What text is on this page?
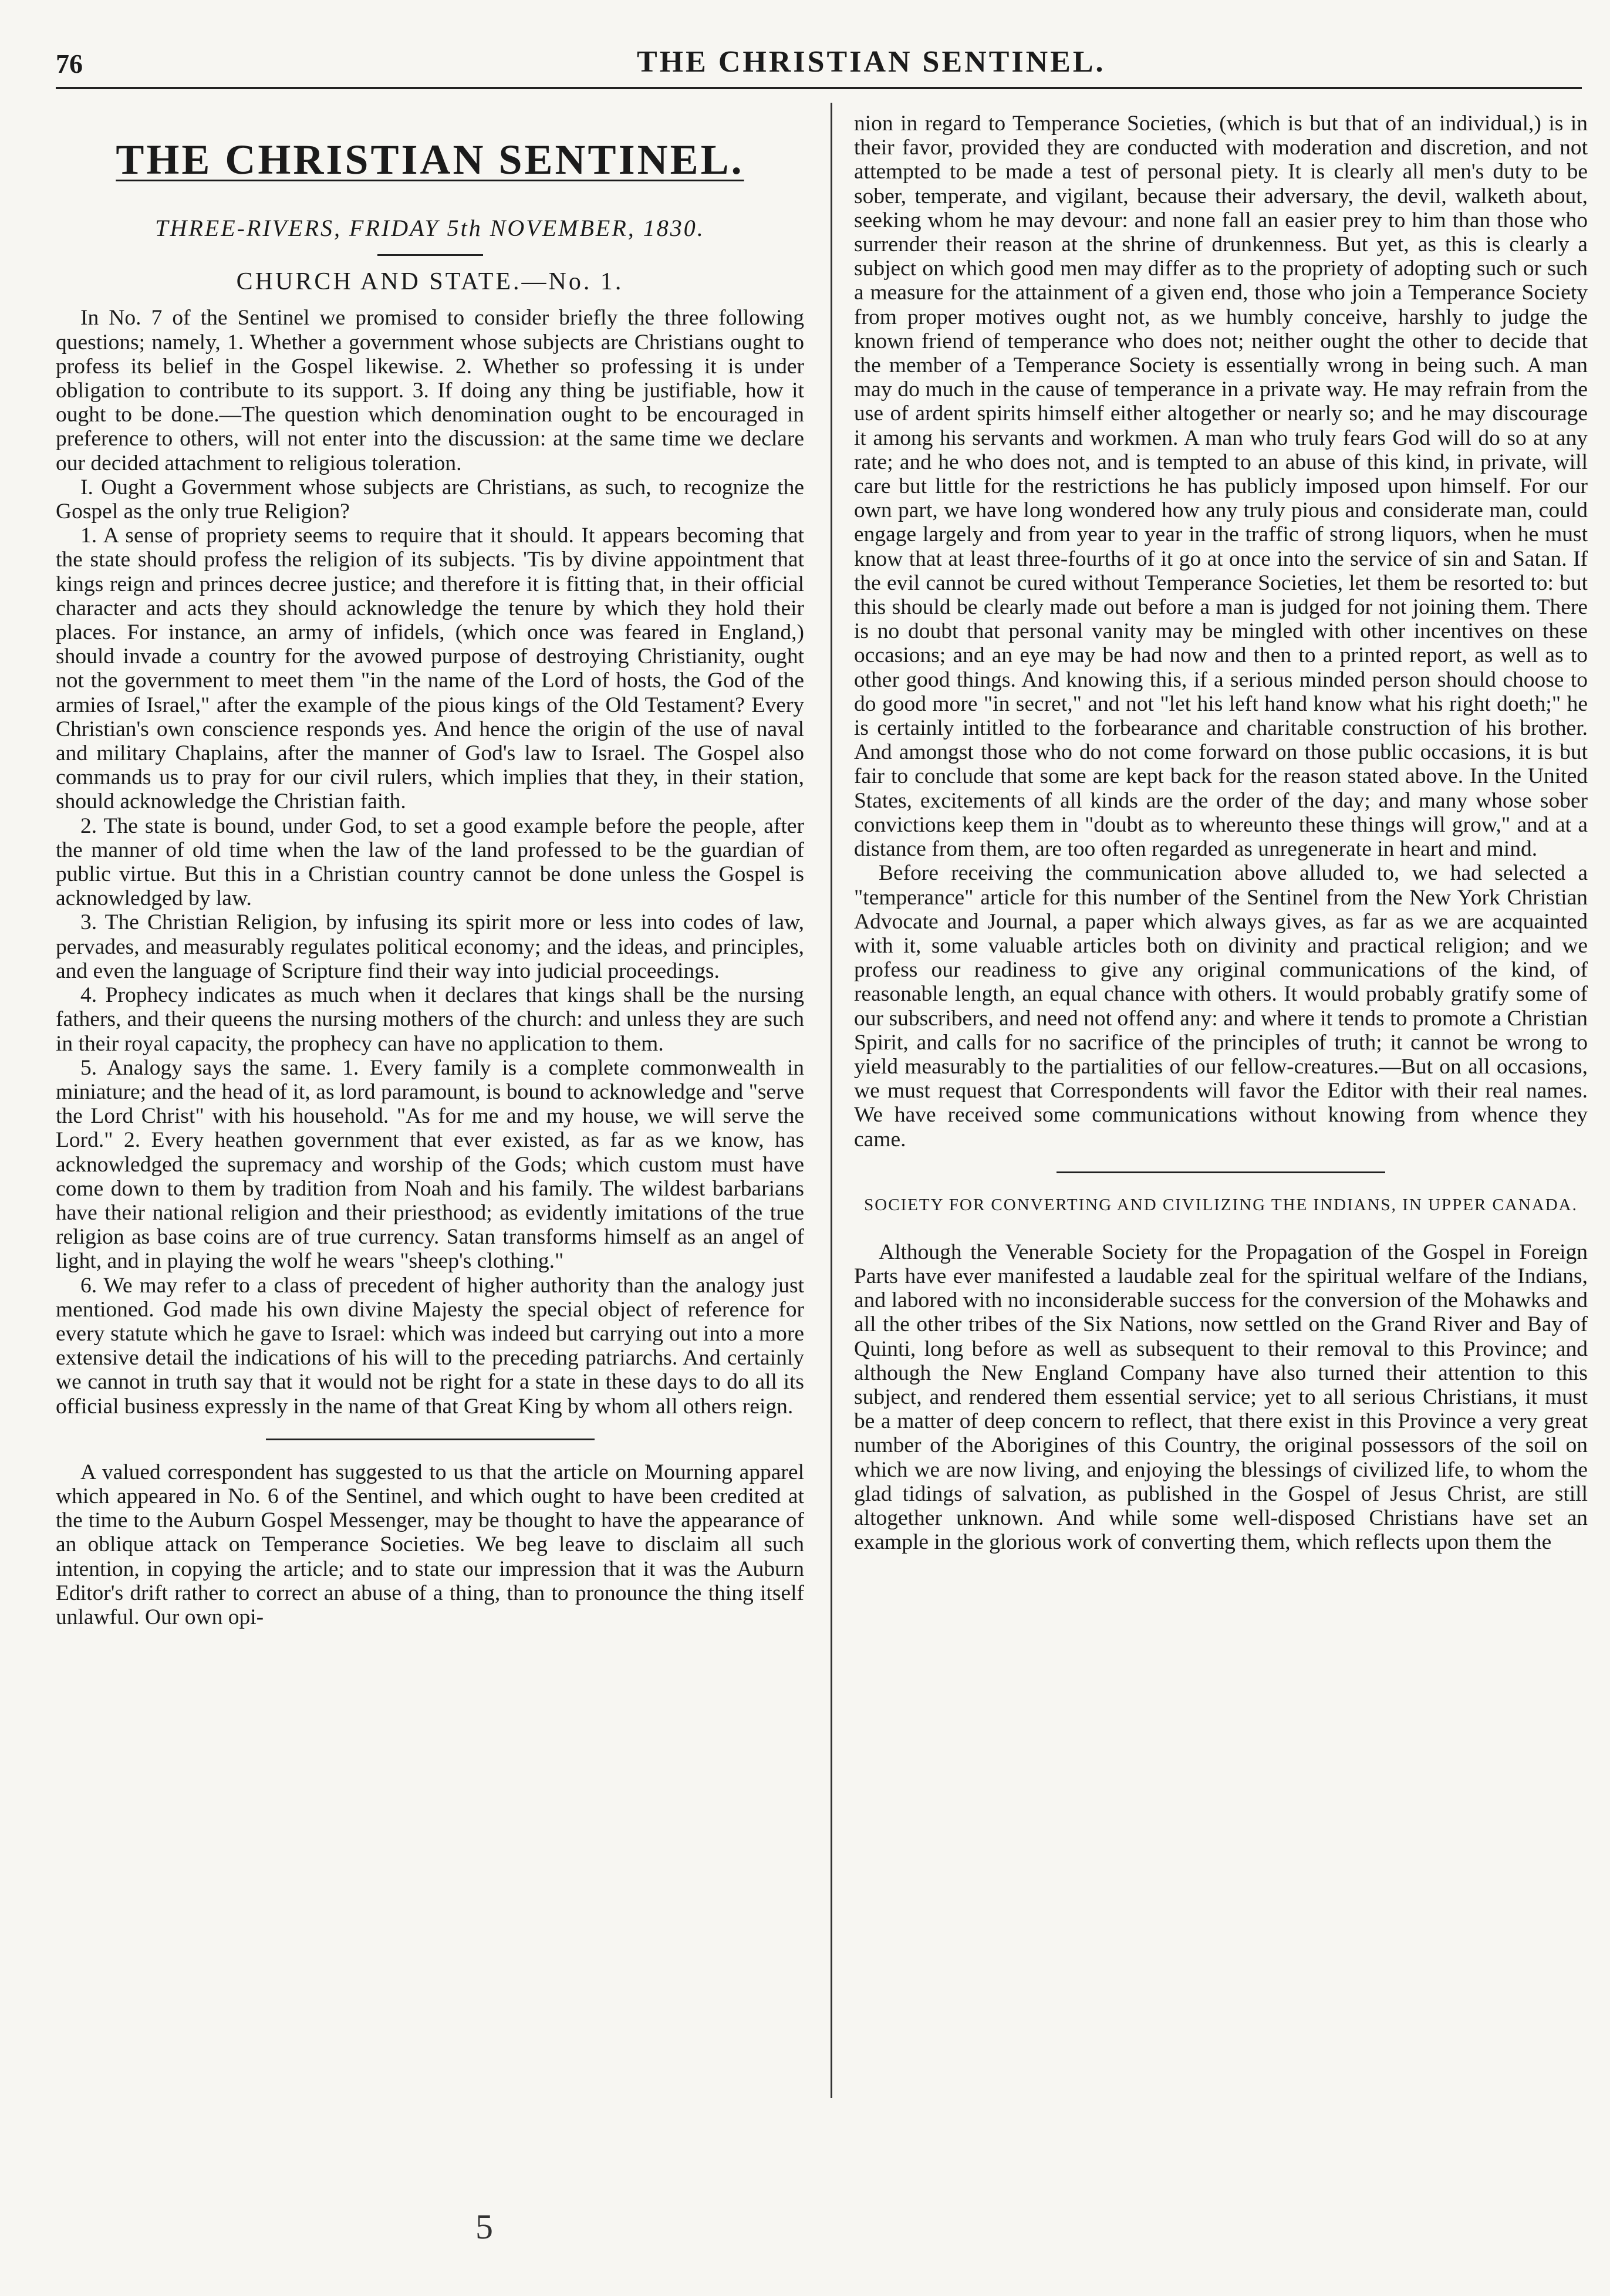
76	THE CHRISTIAN SENTINEL.
THE CHRISTIAN SENTINEL.
THREE-RIVERS, FRIDAY 5th NOVEMBER, 1830.
CHURCH AND STATE.—No. 1.

In No. 7 of the Sentinel we promised to consider briefly the three following questions; namely, 1. Whether a government whose subjects are Christians ought to profess its belief in the Gospel likewise. 2. Whether so professing it is under obligation to contribute to its support. 3. If doing any thing be justifiable, how it ought to be done.—The question which denomination ought to be encouraged in preference to others, will not enter into the discussion: at the same time we declare our decided attachment to religious toleration.

I. Ought a Government whose subjects are Christians, as such, to recognize the Gospel as the only true Religion?

1. A sense of propriety seems to require that it should. It appears becoming that the state should profess the religion of its subjects. 'Tis by divine appointment that kings reign and princes decree justice; and therefore it is fitting that, in their official character and acts they should acknowledge the tenure by which they hold their places. For instance, an army of infidels, (which once was feared in England,) should invade a country for the avowed purpose of destroying Christianity, ought not the government to meet them "in the name of the Lord of hosts, the God of the armies of Israel," after the example of the pious kings of the Old Testament? Every Christian's own conscience responds yes. And hence the origin of the use of naval and military Chaplains, after the manner of God's law to Israel. The Gospel also commands us to pray for our civil rulers, which implies that they, in their station, should acknowledge the Christian faith.

2. The state is bound, under God, to set a good example before the people, after the manner of old time when the law of the land professed to be the guardian of public virtue. But this in a Christian country cannot be done unless the Gospel is acknowledged by law.

3. The Christian Religion, by infusing its spirit more or less into codes of law, pervades, and measurably regulates political economy; and the ideas, and principles, and even the language of Scripture find their way into judicial proceedings.

4. Prophecy indicates as much when it declares that kings shall be the nursing fathers, and their queens the nursing mothers of the church: and unless they are such in their royal capacity, the prophecy can have no application to them.

5. Analogy says the same. 1. Every family is a complete commonwealth in miniature; and the head of it, as lord paramount, is bound to acknowledge and "serve the Lord Christ" with his household. "As for me and my house, we will serve the Lord." 2. Every heathen government that ever existed, as far as we know, has acknowledged the supremacy and worship of the Gods; which custom must have come down to them by tradition from Noah and his family. The wildest barbarians have their national religion and their priesthood; as evidently imitations of the true religion as base coins are of true currency. Satan transforms himself as an angel of light, and in playing the wolf he wears "sheep's clothing."

6. We may refer to a class of precedent of higher authority than the analogy just mentioned. God made his own divine Majesty the special object of reference for every statute which he gave to Israel: which was indeed but carrying out into a more extensive detail the indications of his will to the preceding patriarchs. And certainly we cannot in truth say that it would not be right for a state in these days to do all its official business expressly in the name of that Great King by whom all others reign.

A valued correspondent has suggested to us that the article on Mourning apparel which appeared in No. 6 of the Sentinel, and which ought to have been credited at the time to the Auburn Gospel Messenger, may be thought to have the appearance of an oblique attack on Temperance Societies. We beg leave to disclaim all such intention, in copying the article; and to state our impression that it was the Auburn Editor's drift rather to correct an abuse of a thing, than to pronounce the thing itself unlawful. Our own opi-

nion in regard to Temperance Societies, (which is but that of an individual,) is in their favor, provided they are conducted with moderation and discretion, and not attempted to be made a test of personal piety. It is clearly all men's duty to be sober, temperate, and vigilant, because their adversary, the devil, walketh about, seeking whom he may devour: and none fall an easier prey to him than those who surrender their reason at the shrine of drunkenness. But yet, as this is clearly a subject on which good men may differ as to the propriety of adopting such or such a measure for the attainment of a given end, those who join a Temperance Society from proper motives ought not, as we humbly conceive, harshly to judge the known friend of temperance who does not; neither ought the other to decide that the member of a Temperance Society is essentially wrong in being such. A man may do much in the cause of temperance in a private way. He may refrain from the use of ardent spirits himself either altogether or nearly so; and he may discourage it among his servants and workmen. A man who truly fears God will do so at any rate; and he who does not, and is tempted to an abuse of this kind, in private, will care but little for the restrictions he has publicly imposed upon himself. For our own part, we have long wondered how any truly pious and considerate man, could engage largely and from year to year in the traffic of strong liquors, when he must know that at least three-fourths of it go at once into the service of sin and Satan. If the evil cannot be cured without Temperance Societies, let them be resorted to: but this should be clearly made out before a man is judged for not joining them. There is no doubt that personal vanity may be mingled with other incentives on these occasions; and an eye may be had now and then to a printed report, as well as to other good things. And knowing this, if a serious minded person should choose to do good more "in secret," and not "let his left hand know what his right doeth;" he is certainly intitled to the forbearance and charitable construction of his brother. And amongst those who do not come forward on those public occasions, it is but fair to conclude that some are kept back for the reason stated above. In the United States, excitements of all kinds are the order of the day; and many whose sober convictions keep them in "doubt as to whereunto these things will grow," and at a distance from them, are too often regarded as unregenerate in heart and mind.

Before receiving the communication above alluded to, we had selected a "temperance" article for this number of the Sentinel from the New York Christian Advocate and Journal, a paper which always gives, as far as we are acquainted with it, some valuable articles both on divinity and practical religion; and we profess our readiness to give any original communications of the kind, of reasonable length, an equal chance with others. It would probably gratify some of our subscribers, and need not offend any: and where it tends to promote a Christian Spirit, and calls for no sacrifice of the principles of truth; it cannot be wrong to yield measurably to the partialities of our fellow-creatures.—But on all occasions, we must request that Correspondents will favor the Editor with their real names. We have received some communications without knowing from whence they came.

SOCIETY FOR CONVERTING AND CIVILIZING THE INDIANS, IN UPPER CANADA.

Although the Venerable Society for the Propagation of the Gospel in Foreign Parts have ever manifested a laudable zeal for the spiritual welfare of the Indians, and labored with no inconsiderable success for the conversion of the Mohawks and all the other tribes of the Six Nations, now settled on the Grand River and Bay of Quinti, long before as well as subsequent to their removal to this Province; and although the New England Company have also turned their attention to this subject, and rendered them essential service; yet to all serious Christians, it must be a matter of deep concern to reflect, that there exist in this Province a very great number of the Aborigines of this Country, the original possessors of the soil on which we are now living, and enjoying the blessings of civilized life, to whom the glad tidings of salvation, as published in the Gospel of Jesus Christ, are still altogether unknown. And while some well-disposed Christians have set an example in the glorious work of converting them, which reflects upon them the

5
